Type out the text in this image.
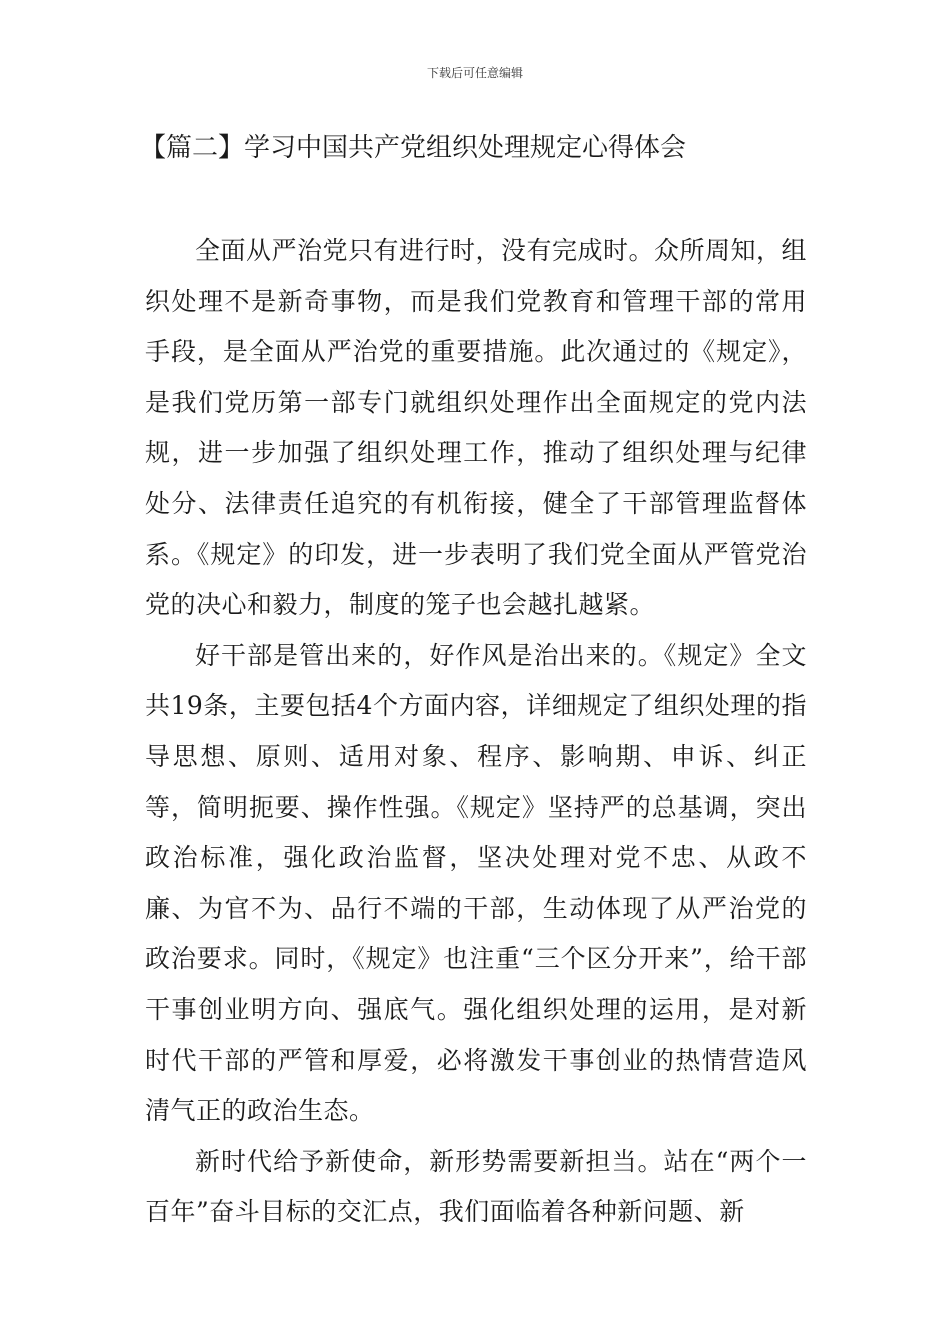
下载后可任意编辑

【篇二】学习中国共产党组织处理规定心得体会

全面从严治党只有进行时，没有完成时。众所周知，组织处理不是新奇事物，而是我们党教育和管理干部的常用手段，是全面从严治党的重要措施。此次通过的《规定》，是我们党历第一部专门就组织处理作出全面规定的党内法规，进一步加强了组织处理工作，推动了组织处理与纪律处分、法律责任追究的有机衔接，健全了干部管理监督体系。《规定》的印发，进一步表明了我们党全面从严管党治党的决心和毅力，制度的笼子也会越扎越紧。

好干部是管出来的，好作风是治出来的。《规定》全文共19条，主要包括4个方面内容，详细规定了组织处理的指导思想、原则、适用对象、程序、影响期、申诉、纠正等，简明扼要、操作性强。《规定》坚持严的总基调，突出政治标准，强化政治监督，坚决处理对党不忠、从政不廉、为官不为、品行不端的干部，生动体现了从严治党的政治要求。同时，《规定》也注重“三个区分开来”，给干部干事创业明方向、强底气。强化组织处理的运用，是对新时代干部的严管和厚爱，必将激发干事创业的热情营造风清气正的政治生态。

新时代给予新使命，新形势需要新担当。站在“两个一百年”奋斗目标的交汇点，我们面临着各种新问题、新
